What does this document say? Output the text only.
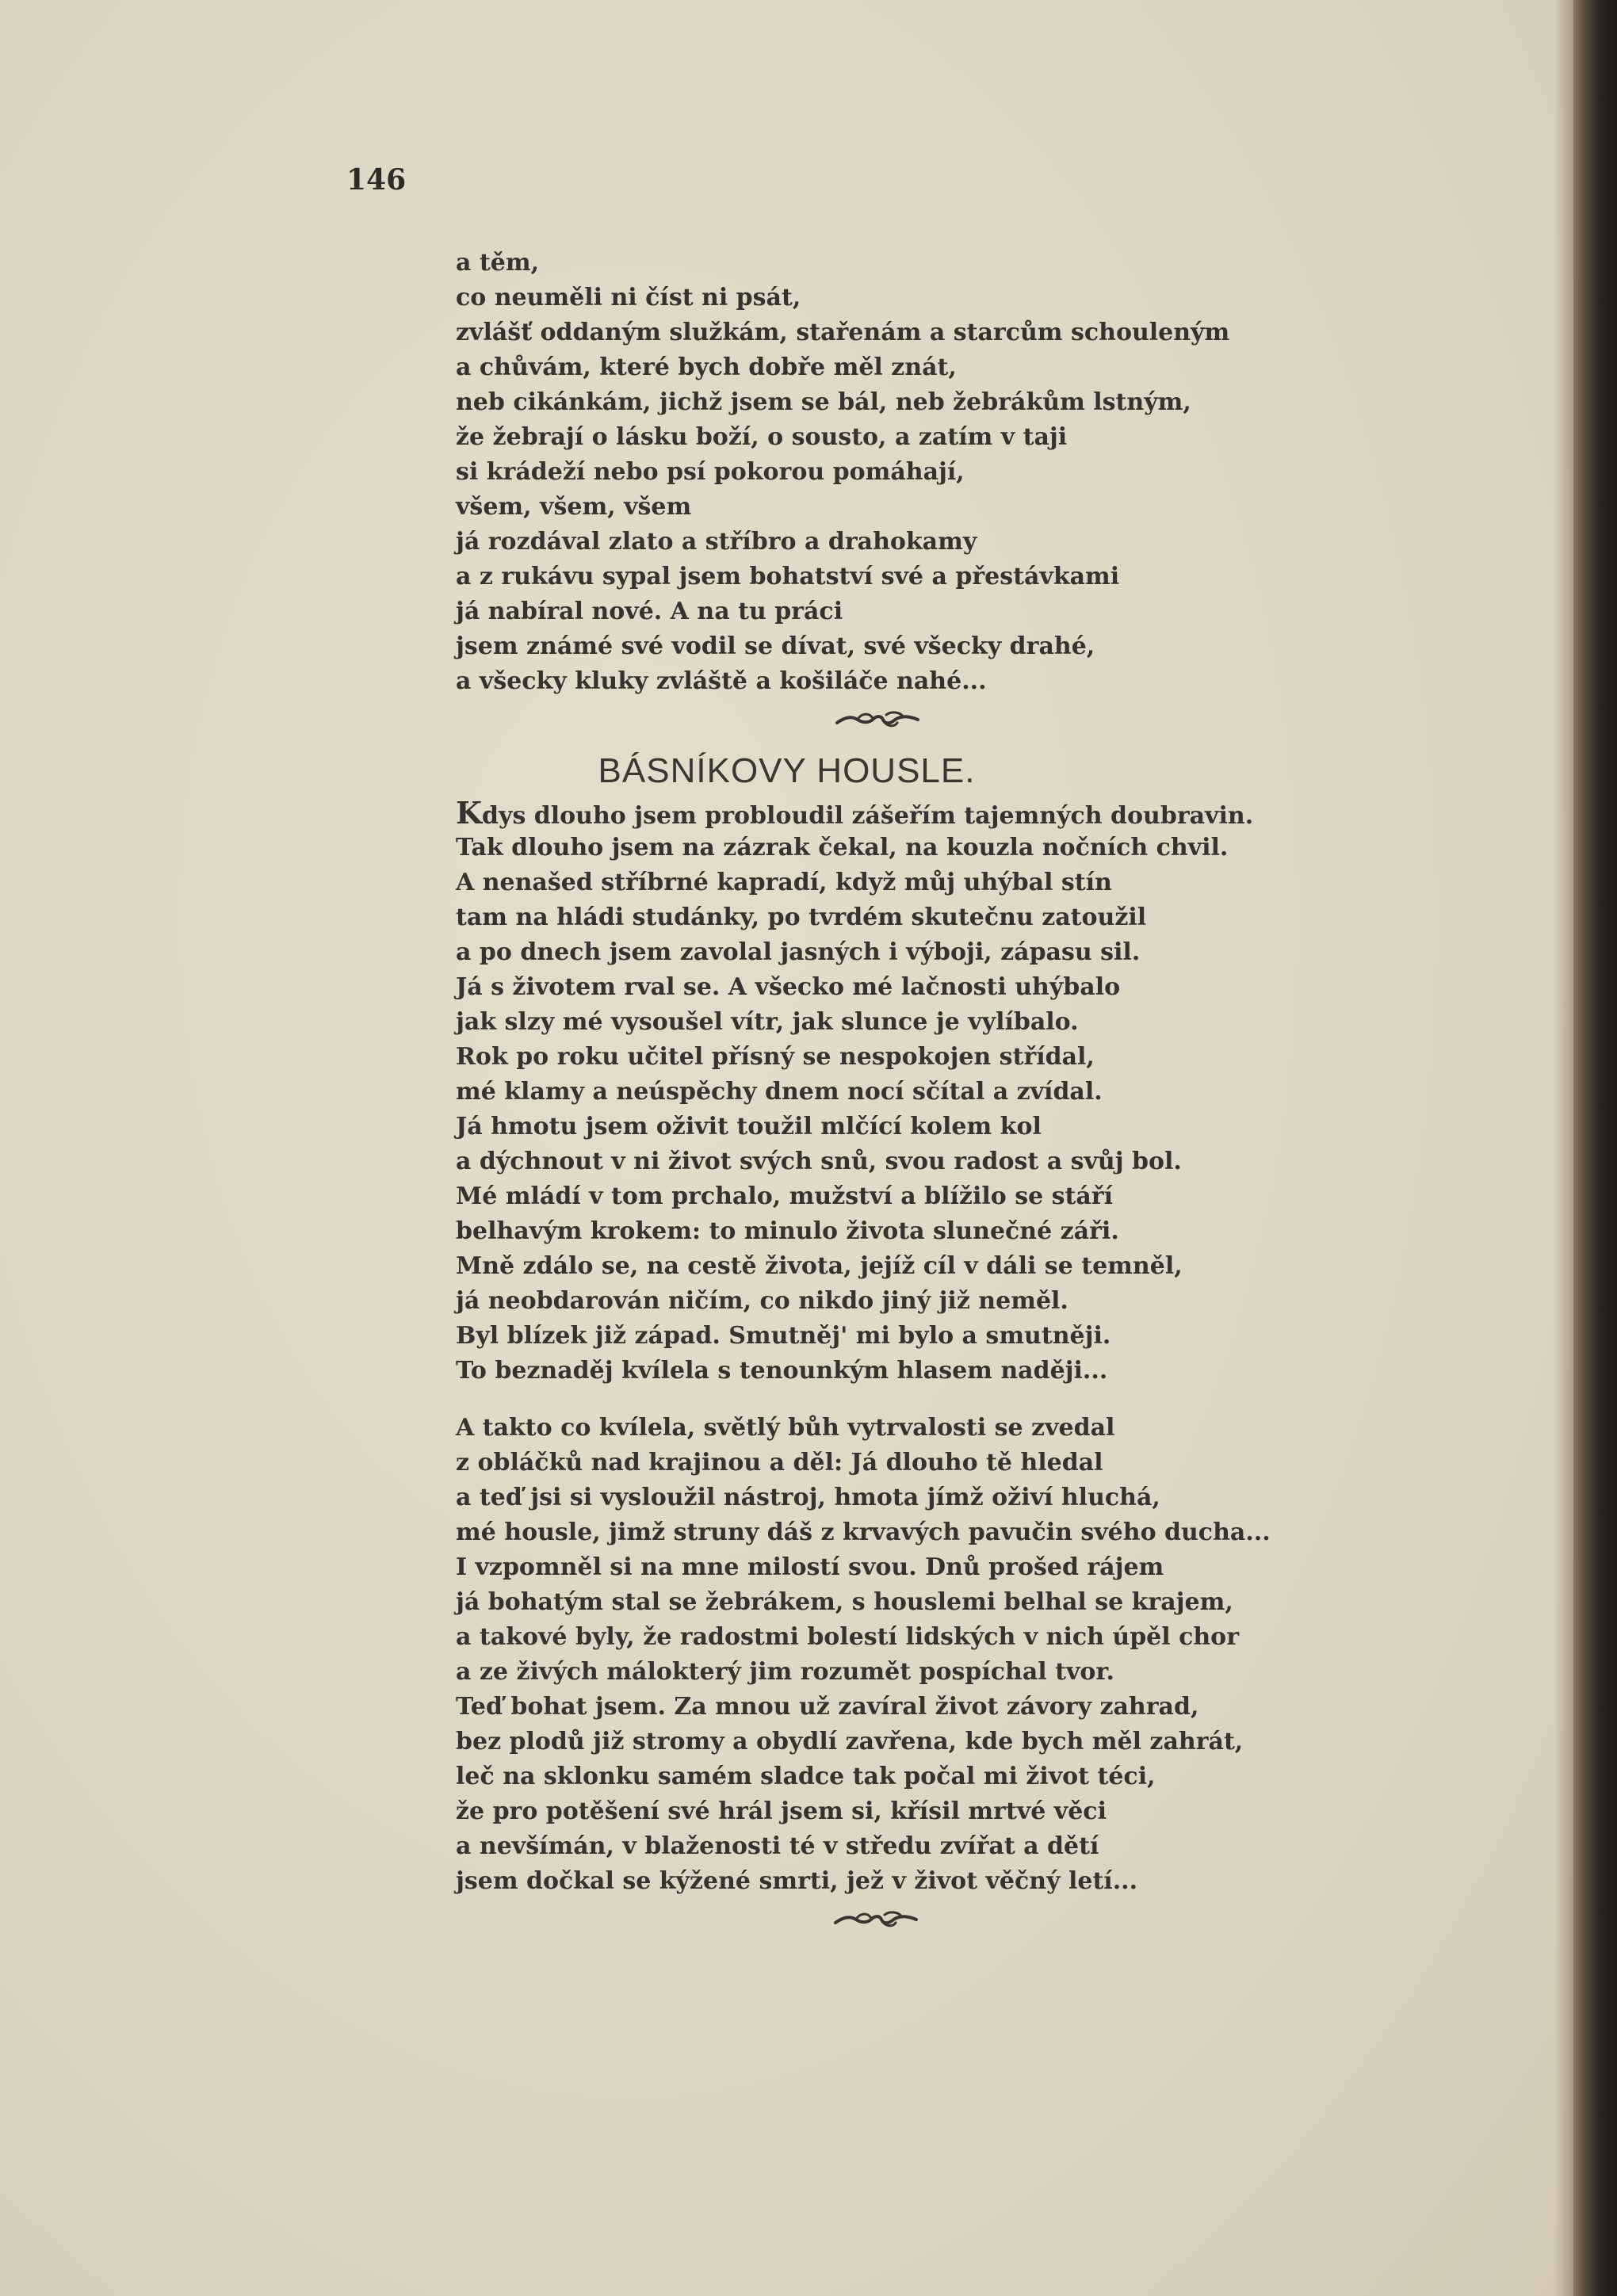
146

a těm,
co neuměli ni číst ni psát,
zvlášť oddaným služkám, stařenám a starcům schouleným
a chůvám, které bych dobře měl znát,
neb cikánkám, jichž jsem se bál, neb žebrákům lstným,
že žebrají o lásku boží, o sousto, a zatím v taji
si krádeží nebo psí pokorou pomáhají,
všem, všem, všem
já rozdával zlato a stříbro a drahokamy
a z rukávu sypal jsem bohatství své a přestávkami
já nabíral nové. A na tu práci
jsem známé své vodil se dívat, své všecky drahé,
a všecky kluky zvláště a košiláče nahé...
BÁSNÍKOVY HOUSLE.
Kdys dlouho jsem probloudil zášeřím tajemných doubravin.
Tak dlouho jsem na zázrak čekal, na kouzla nočních chvil.
A nenašed stříbrné kapradí, když můj uhýbal stín
tam na hládi studánky, po tvrdém skutečnu zatoužil
a po dnech jsem zavolal jasných i výboji, zápasu sil.
Já s životem rval se. A všecko mé lačnosti uhýbalo
jak slzy mé vysoušel vítr, jak slunce je vylíbalo.
Rok po roku učitel přísný se nespokojen střídal,
mé klamy a neúspěchy dnem nocí sčítal a zvídal.
Já hmotu jsem oživit toužil mlčící kolem kol
a dýchnout v ni život svých snů, svou radost a svůj bol.
Mé mládí v tom prchalo, mužství a blížilo se stáří
belhavým krokem: to minulo života slunečné záři.
Mně zdálo se, na cestě života, jejíž cíl v dáli se temněl,
já neobdarován ničím, co nikdo jiný již neměl.
Byl blízek již západ. Smutněj' mi bylo a smutněji.
To beznaděj kvílela s tenounkým hlasem naději...
A takto co kvílela, světlý bůh vytrvalosti se zvedal
z obláčků nad krajinou a děl: Já dlouho tě hledal
a teď jsi si vysloužil nástroj, hmota jímž oživí hluchá,
mé housle, jimž struny dáš z krvavých pavučin svého ducha...
I vzpomněl si na mne milostí svou. Dnů prošed rájem
já bohatým stal se žebrákem, s houslemi belhal se krajem,
a takové byly, že radostmi bolestí lidských v nich úpěl chor
a ze živých málokterý jim rozumět pospíchal tvor.
Teď bohat jsem. Za mnou už zavíral život závory zahrad,
bez plodů již stromy a obydlí zavřena, kde bych měl zahrát,
leč na sklonku samém sladce tak počal mi život téci,
že pro potěšení své hrál jsem si, křísil mrtvé věci
a nevšímán, v blaženosti té v středu zvířat a dětí
jsem dočkal se kýžené smrti, jež v život věčný letí...
